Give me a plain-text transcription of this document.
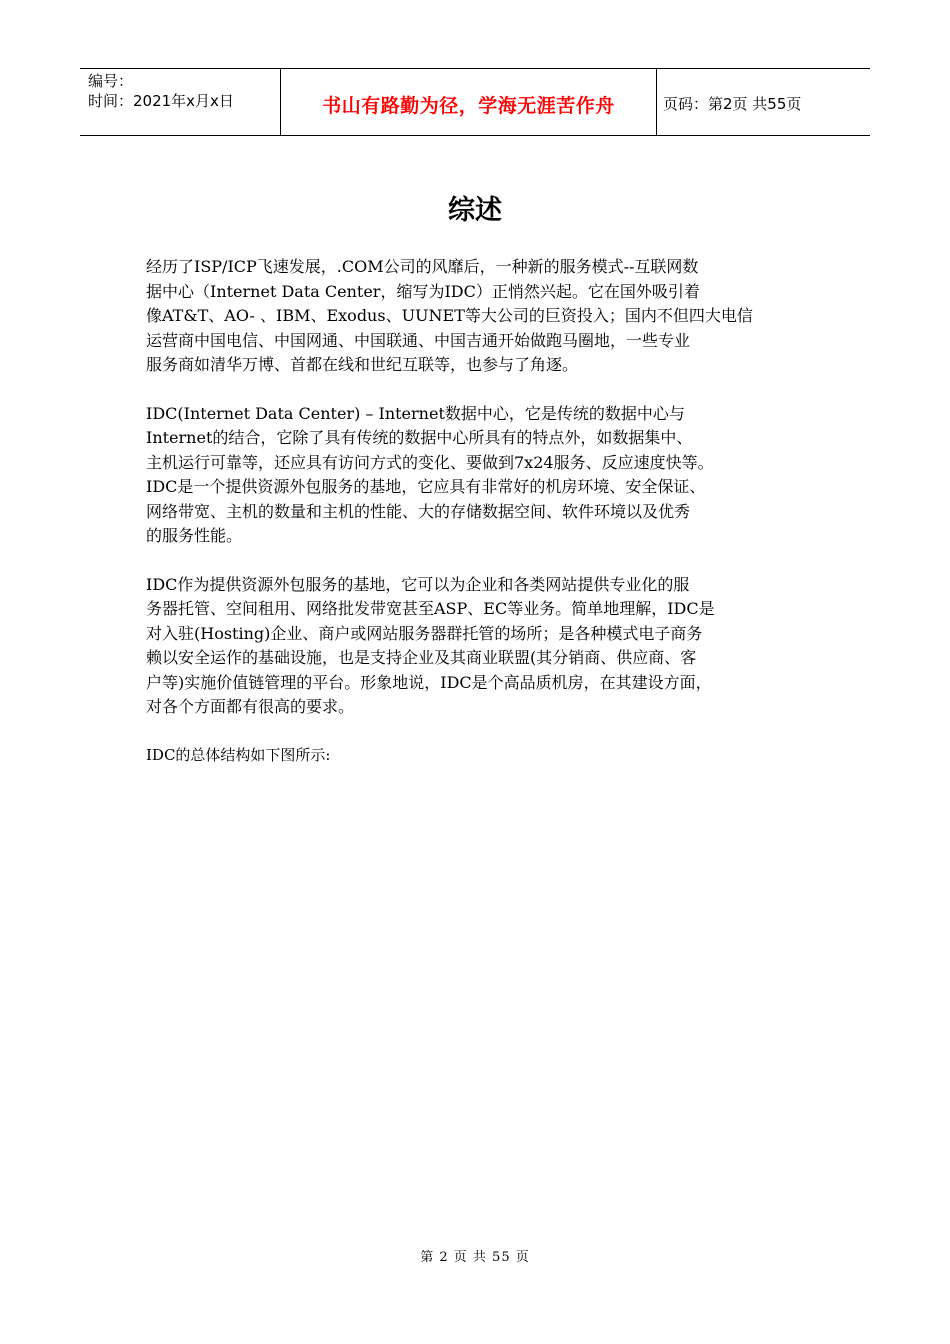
编号：
时间：2021年x月x日	书山有路勤为径，学海无涯苦作舟	页码：第2页 共55页
综述

经历了ISP/ICP飞速发展，.COM公司的风靡后，一种新的服务模式--互联网数
据中心（Internet Data Center，缩写为IDC）正悄然兴起。它在国外吸引着
像AT&T、AO- 、IBM、Exodus、UUNET等大公司的巨资投入；国内不但四大电信
运营商中国电信、中国网通、中国联通、中国吉通开始做跑马圈地，一些专业
服务商如清华万博、首都在线和世纪互联等，也参与了角逐。

IDC(Internet Data Center) – Internet数据中心，它是传统的数据中心与
Internet的结合，它除了具有传统的数据中心所具有的特点外，如数据集中、
主机运行可靠等，还应具有访问方式的变化、要做到7x24服务、反应速度快等。
IDC是一个提供资源外包服务的基地，它应具有非常好的机房环境、安全保证、
网络带宽、主机的数量和主机的性能、大的存储数据空间、软件环境以及优秀
的服务性能。

IDC作为提供资源外包服务的基地，它可以为企业和各类网站提供专业化的服
务器托管、空间租用、网络批发带宽甚至ASP、EC等业务。简单地理解，IDC是
对入驻(Hosting)企业、商户或网站服务器群托管的场所；是各种模式电子商务
赖以安全运作的基础设施，也是支持企业及其商业联盟(其分销商、供应商、客
户等)实施价值链管理的平台。形象地说，IDC是个高品质机房，在其建设方面，
对各个方面都有很高的要求。

IDC的总体结构如下图所示:

第 2 页 共 55 页
